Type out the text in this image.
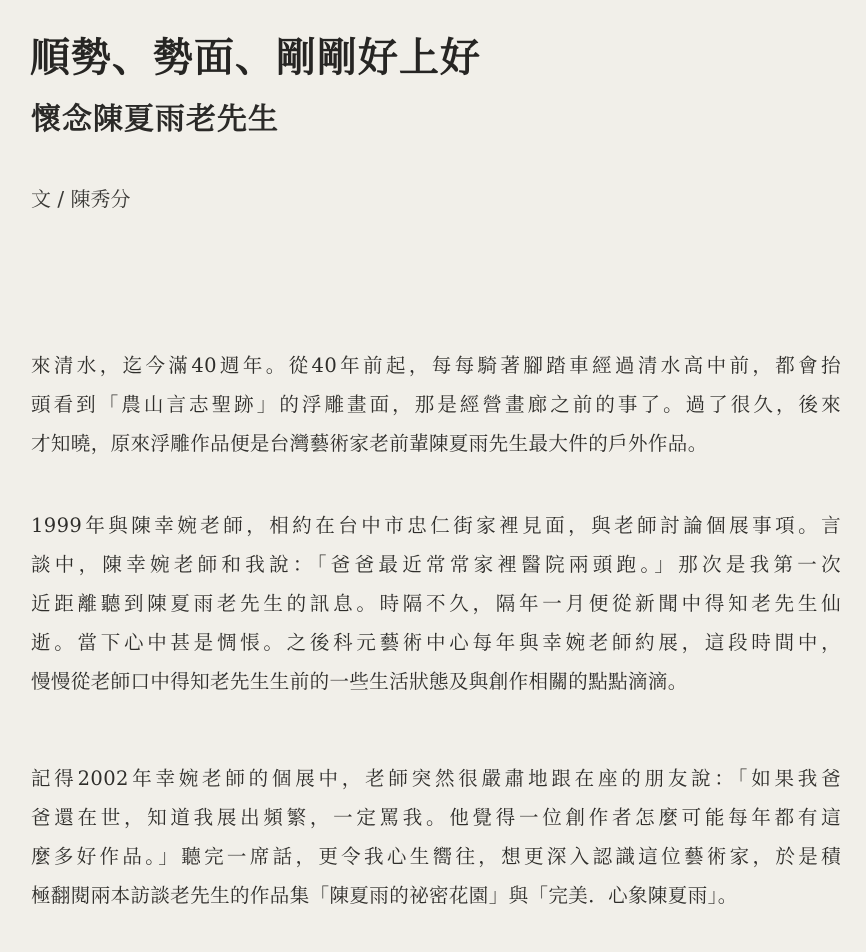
順勢、勢面、剛剛好上好
懷念陳夏雨老先生
文 / 陳秀分
來清水，迄今滿40週年。從40年前起，每每騎著腳踏車經過清水高中前，都會抬
頭看到「農山言志聖跡」的浮雕畫面，那是經營畫廊之前的事了。過了很久，後來
才知曉，原來浮雕作品便是台灣藝術家老前輩陳夏雨先生最大件的戶外作品。
1999年與陳幸婉老師，相約在台中市忠仁街家裡見面，與老師討論個展事項。言
談中，陳幸婉老師和我說：「爸爸最近常常家裡醫院兩頭跑。」那次是我第一次
近距離聽到陳夏雨老先生的訊息。時隔不久，隔年一月便從新聞中得知老先生仙
逝。當下心中甚是惆悵。之後科元藝術中心每年與幸婉老師約展，這段時間中，
慢慢從老師口中得知老先生生前的一些生活狀態及與創作相關的點點滴滴。
記得2002年幸婉老師的個展中，老師突然很嚴肅地跟在座的朋友說：「如果我爸
爸還在世，知道我展出頻繁，一定罵我。他覺得一位創作者怎麼可能每年都有這
麼多好作品。」聽完一席話，更令我心生嚮往，想更深入認識這位藝術家，於是積
極翻閱兩本訪談老先生的作品集「陳夏雨的祕密花園」與「完美．心象陳夏雨」。
